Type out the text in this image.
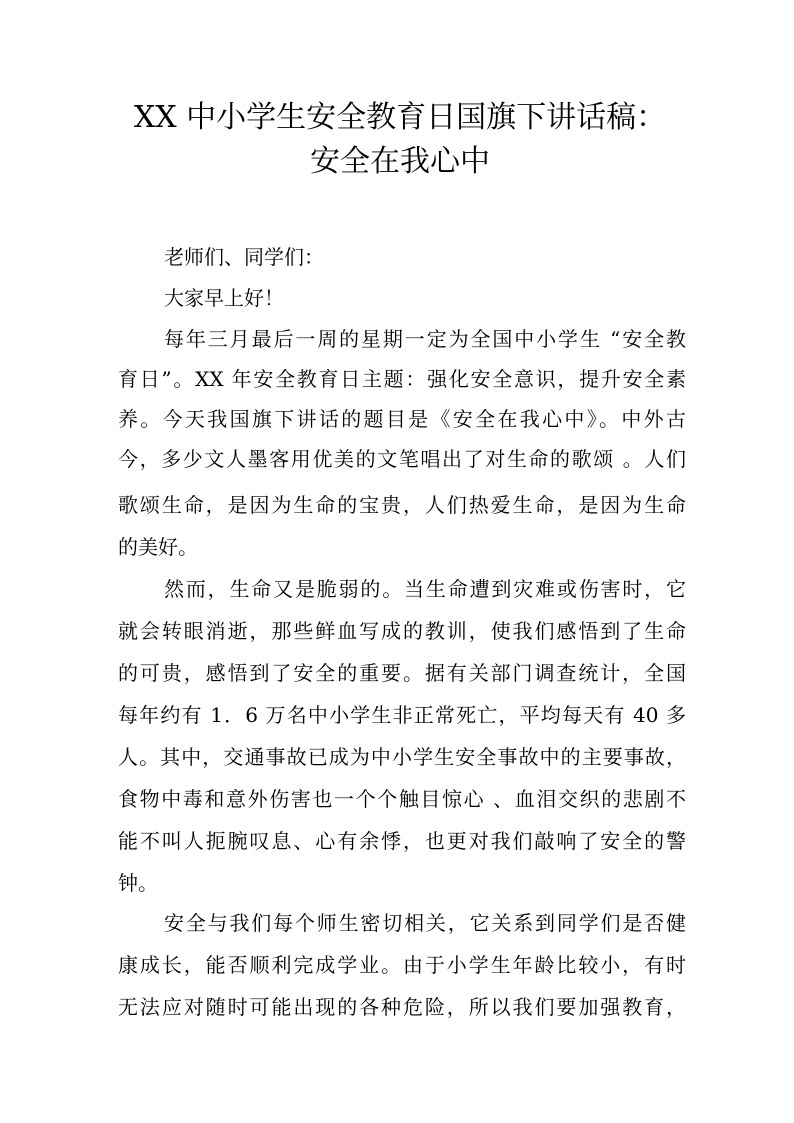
XX 中小学生安全教育日国旗下讲话稿：
安全在我心中

老师们、同学们：

大家早上好！

每年三月最后一周的星期一定为全国中小学生 “安全教

育日”。XX 年安全教育日主题：强化安全意识，提升安全素

养。今天我国旗下讲话的题目是《安全在我心中》。中外古

今，多少文人墨客用优美的文笔唱出了对生命的歌颂 。人们

歌颂生命，是因为生命的宝贵，人们热爱生命，是因为生命

的美好。

然而，生命又是脆弱的。当生命遭到灾难或伤害时，它

就会转眼消逝，那些鲜血写成的教训，使我们感悟到了生命

的可贵，感悟到了安全的重要。据有关部门调查统计，全国

每年约有 1．6 万名中小学生非正常死亡，平均每天有 40 多

人。其中，交通事故已成为中小学生安全事故中的主要事故，

食物中毒和意外伤害也一个个触目惊心 、血泪交织的悲剧不

能不叫人扼腕叹息、心有余悸，也更对我们敲响了安全的警

钟。

安全与我们每个师生密切相关，它关系到同学们是否健

康成长，能否顺利完成学业。由于小学生年龄比较小，有时

无法应对随时可能出现的各种危险，所以我们要加强教育，
